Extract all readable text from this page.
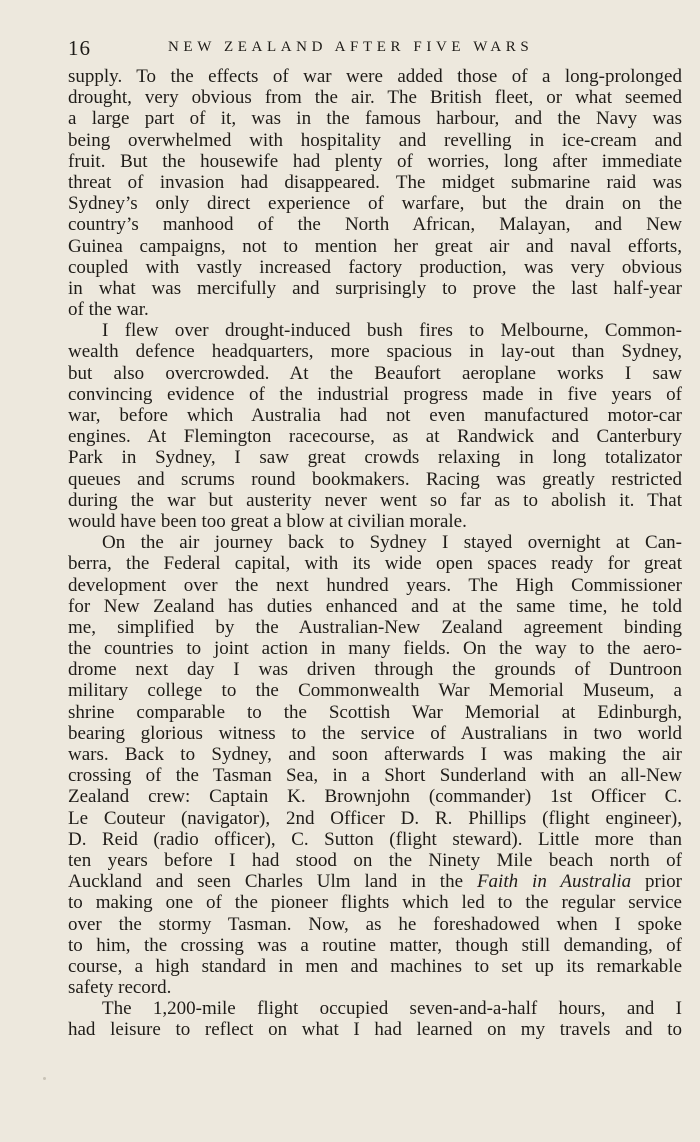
16	NEW ZEALAND AFTER FIVE WARS
supply. To the effects of war were added those of a long-prolonged
drought, very obvious from the air. The British fleet, or what seemed
a large part of it, was in the famous harbour, and the Navy was
being overwhelmed with hospitality and revelling in ice-cream and
fruit. But the housewife had plenty of worries, long after immediate
threat of invasion had disappeared. The midget submarine raid was
Sydney’s only direct experience of warfare, but the drain on the
country’s manhood of the North African, Malayan, and New
Guinea campaigns, not to mention her great air and naval efforts,
coupled with vastly increased factory production, was very obvious
in what was mercifully and surprisingly to prove the last half-year
of the war.
I flew over drought-induced bush fires to Melbourne, Common-
wealth defence headquarters, more spacious in lay-out than Sydney,
but also overcrowded. At the Beaufort aeroplane works I saw
convincing evidence of the industrial progress made in five years of
war, before which Australia had not even manufactured motor-car
engines. At Flemington racecourse, as at Randwick and Canterbury
Park in Sydney, I saw great crowds relaxing in long totalizator
queues and scrums round bookmakers. Racing was greatly restricted
during the war but austerity never went so far as to abolish it. That
would have been too great a blow at civilian morale.
On the air journey back to Sydney I stayed overnight at Can-
berra, the Federal capital, with its wide open spaces ready for great
development over the next hundred years. The High Commissioner
for New Zealand has duties enhanced and at the same time, he told
me, simplified by the Australian-New Zealand agreement binding
the countries to joint action in many fields. On the way to the aero-
drome next day I was driven through the grounds of Duntroon
military college to the Commonwealth War Memorial Museum, a
shrine comparable to the Scottish War Memorial at Edinburgh,
bearing glorious witness to the service of Australians in two world
wars. Back to Sydney, and soon afterwards I was making the air
crossing of the Tasman Sea, in a Short Sunderland with an all-New
Zealand crew: Captain K. Brownjohn (commander) 1st Officer C.
Le Couteur (navigator), 2nd Officer D. R. Phillips (flight engineer),
D. Reid (radio officer), C. Sutton (flight steward). Little more than
ten years before I had stood on the Ninety Mile beach north of
Auckland and seen Charles Ulm land in the Faith in Australia prior
to making one of the pioneer flights which led to the regular service
over the stormy Tasman. Now, as he foreshadowed when I spoke
to him, the crossing was a routine matter, though still demanding, of
course, a high standard in men and machines to set up its remarkable
safety record.
The 1,200-mile flight occupied seven-and-a-half hours, and I
had leisure to reflect on what I had learned on my travels and to
